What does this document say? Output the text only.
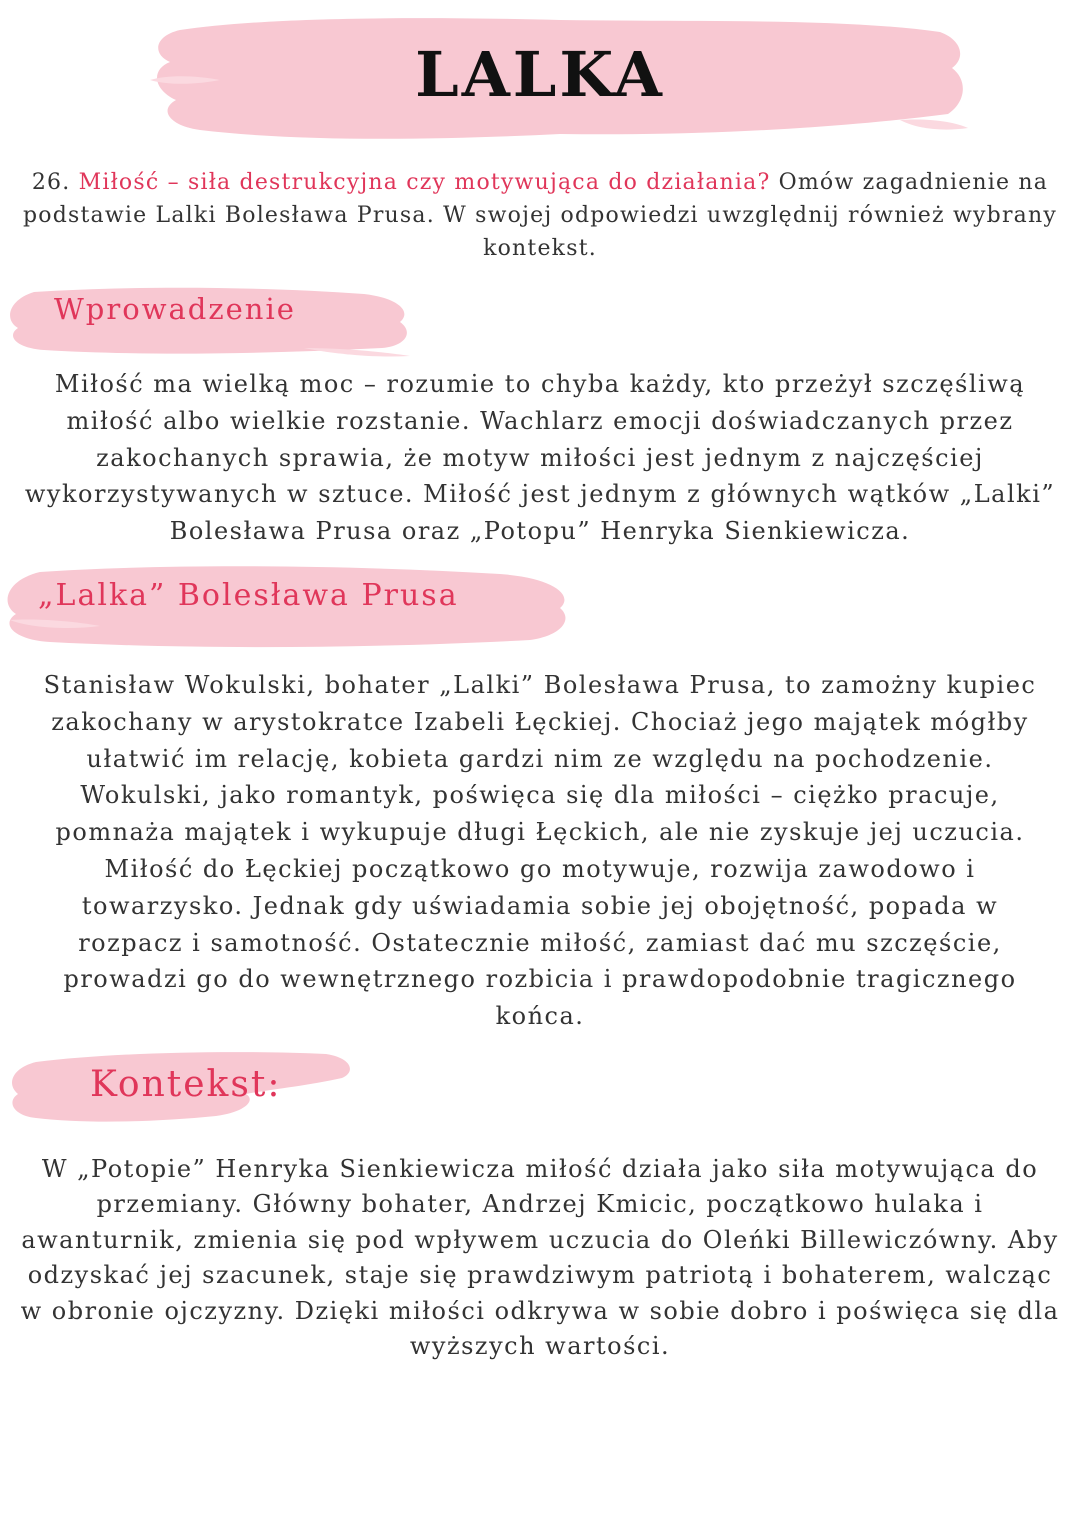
LALKA

26. Miłość – siła destrukcyjna czy motywująca do działania? Omów zagadnienie na podstawie Lalki Bolesława Prusa. W swojej odpowiedzi uwzględnij również wybrany kontekst.

Wprowadzenie

Miłość ma wielką moc – rozumie to chyba każdy, kto przeżył szczęśliwą miłość albo wielkie rozstanie. Wachlarz emocji doświadczanych przez zakochanych sprawia, że motyw miłości jest jednym z najczęściej wykorzystywanych w sztuce. Miłość jest jednym z głównych wątków „Lalki” Bolesława Prusa oraz „Potopu” Henryka Sienkiewicza.

„Lalka” Bolesława Prusa

Stanisław Wokulski, bohater „Lalki” Bolesława Prusa, to zamożny kupiec zakochany w arystokratce Izabeli Łęckiej. Chociaż jego majątek mógłby ułatwić im relację, kobieta gardzi nim ze względu na pochodzenie. Wokulski, jako romantyk, poświęca się dla miłości – ciężko pracuje, pomnaża majątek i wykupuje długi Łęckich, ale nie zyskuje jej uczucia. Miłość do Łęckiej początkowo go motywuje, rozwija zawodowo i towarzysko. Jednak gdy uświadamia sobie jej obojętność, popada w rozpacz i samotność. Ostatecznie miłość, zamiast dać mu szczęście, prowadzi go do wewnętrznego rozbicia i prawdopodobnie tragicznego końca.

Kontekst:

W „Potopie” Henryka Sienkiewicza miłość działa jako siła motywująca do przemiany. Główny bohater, Andrzej Kmicic, początkowo hulaka i awanturnik, zmienia się pod wpływem uczucia do Oleńki Billewiczówny. Aby odzyskać jej szacunek, staje się prawdziwym patriotą i bohaterem, walcząc w obronie ojczyzny. Dzięki miłości odkrywa w sobie dobro i poświęca się dla wyższych wartości.
